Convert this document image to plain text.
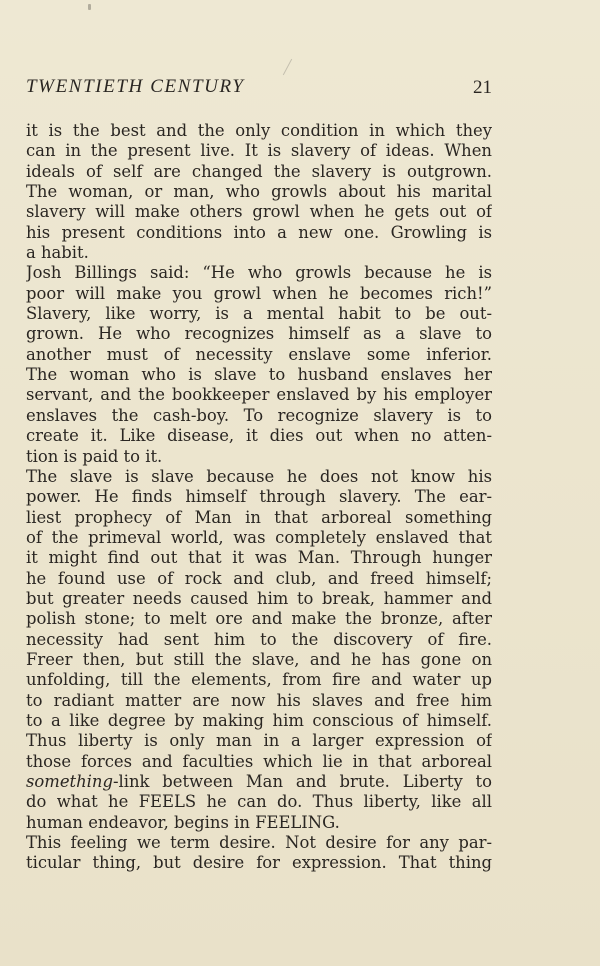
TWENTIETH CENTURY	21
it is the best and the only condition in which they
can in the present live. It is slavery of ideas. When
ideals of self are changed the slavery is outgrown.
The woman, or man, who growls about his marital
slavery will make others growl when he gets out of
his present conditions into a new one. Growling is
a habit.
Josh Billings said: “He who growls because he is
poor will make you growl when he becomes rich!”
Slavery, like worry, is a mental habit to be out-
grown. He who recognizes himself as a slave to
another must of necessity enslave some inferior.
The woman who is slave to husband enslaves her
servant, and the bookkeeper enslaved by his employer
enslaves the cash-boy. To recognize slavery is to
create it. Like disease, it dies out when no atten-
tion is paid to it.
The slave is slave because he does not know his
power. He finds himself through slavery. The ear-
liest prophecy of Man in that arboreal something
of the primeval world, was completely enslaved that
it might find out that it was Man. Through hunger
he found use of rock and club, and freed himself;
but greater needs caused him to break, hammer and
polish stone; to melt ore and make the bronze, after
necessity had sent him to the discovery of fire.
Freer then, but still the slave, and he has gone on
unfolding, till the elements, from fire and water up
to radiant matter are now his slaves and free him
to a like degree by making him conscious of himself.
Thus liberty is only man in a larger expression of
those forces and faculties which lie in that arboreal
something-link between Man and brute. Liberty to
do what he FEELS he can do. Thus liberty, like all
human endeavor, begins in FEELING.
This feeling we term desire. Not desire for any par-
ticular thing, but desire for expression. That thing
